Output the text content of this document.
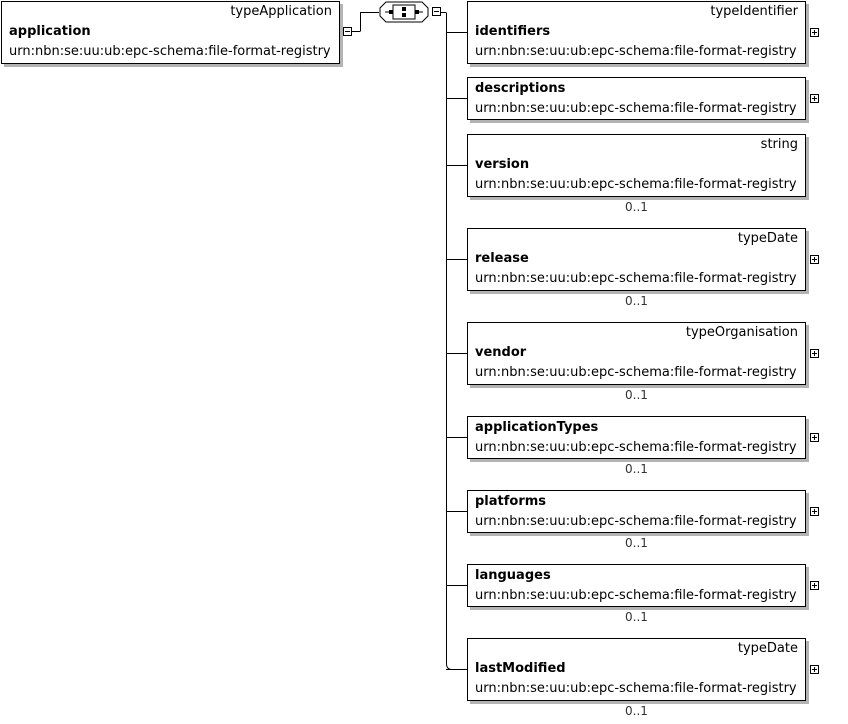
typeApplication
application
urn:nbn:se:uu:ub:epc-schema:file-format-registry
typeIdentifier
identifiers
urn:nbn:se:uu:ub:epc-schema:file-format-registry
descriptions
urn:nbn:se:uu:ub:epc-schema:file-format-registry
string
version
urn:nbn:se:uu:ub:epc-schema:file-format-registry
0..1
typeDate
release
urn:nbn:se:uu:ub:epc-schema:file-format-registry
0..1
typeOrganisation
vendor
urn:nbn:se:uu:ub:epc-schema:file-format-registry
0..1
applicationTypes
urn:nbn:se:uu:ub:epc-schema:file-format-registry
0..1
platforms
urn:nbn:se:uu:ub:epc-schema:file-format-registry
0..1
languages
urn:nbn:se:uu:ub:epc-schema:file-format-registry
0..1
typeDate
lastModified
urn:nbn:se:uu:ub:epc-schema:file-format-registry
0..1
